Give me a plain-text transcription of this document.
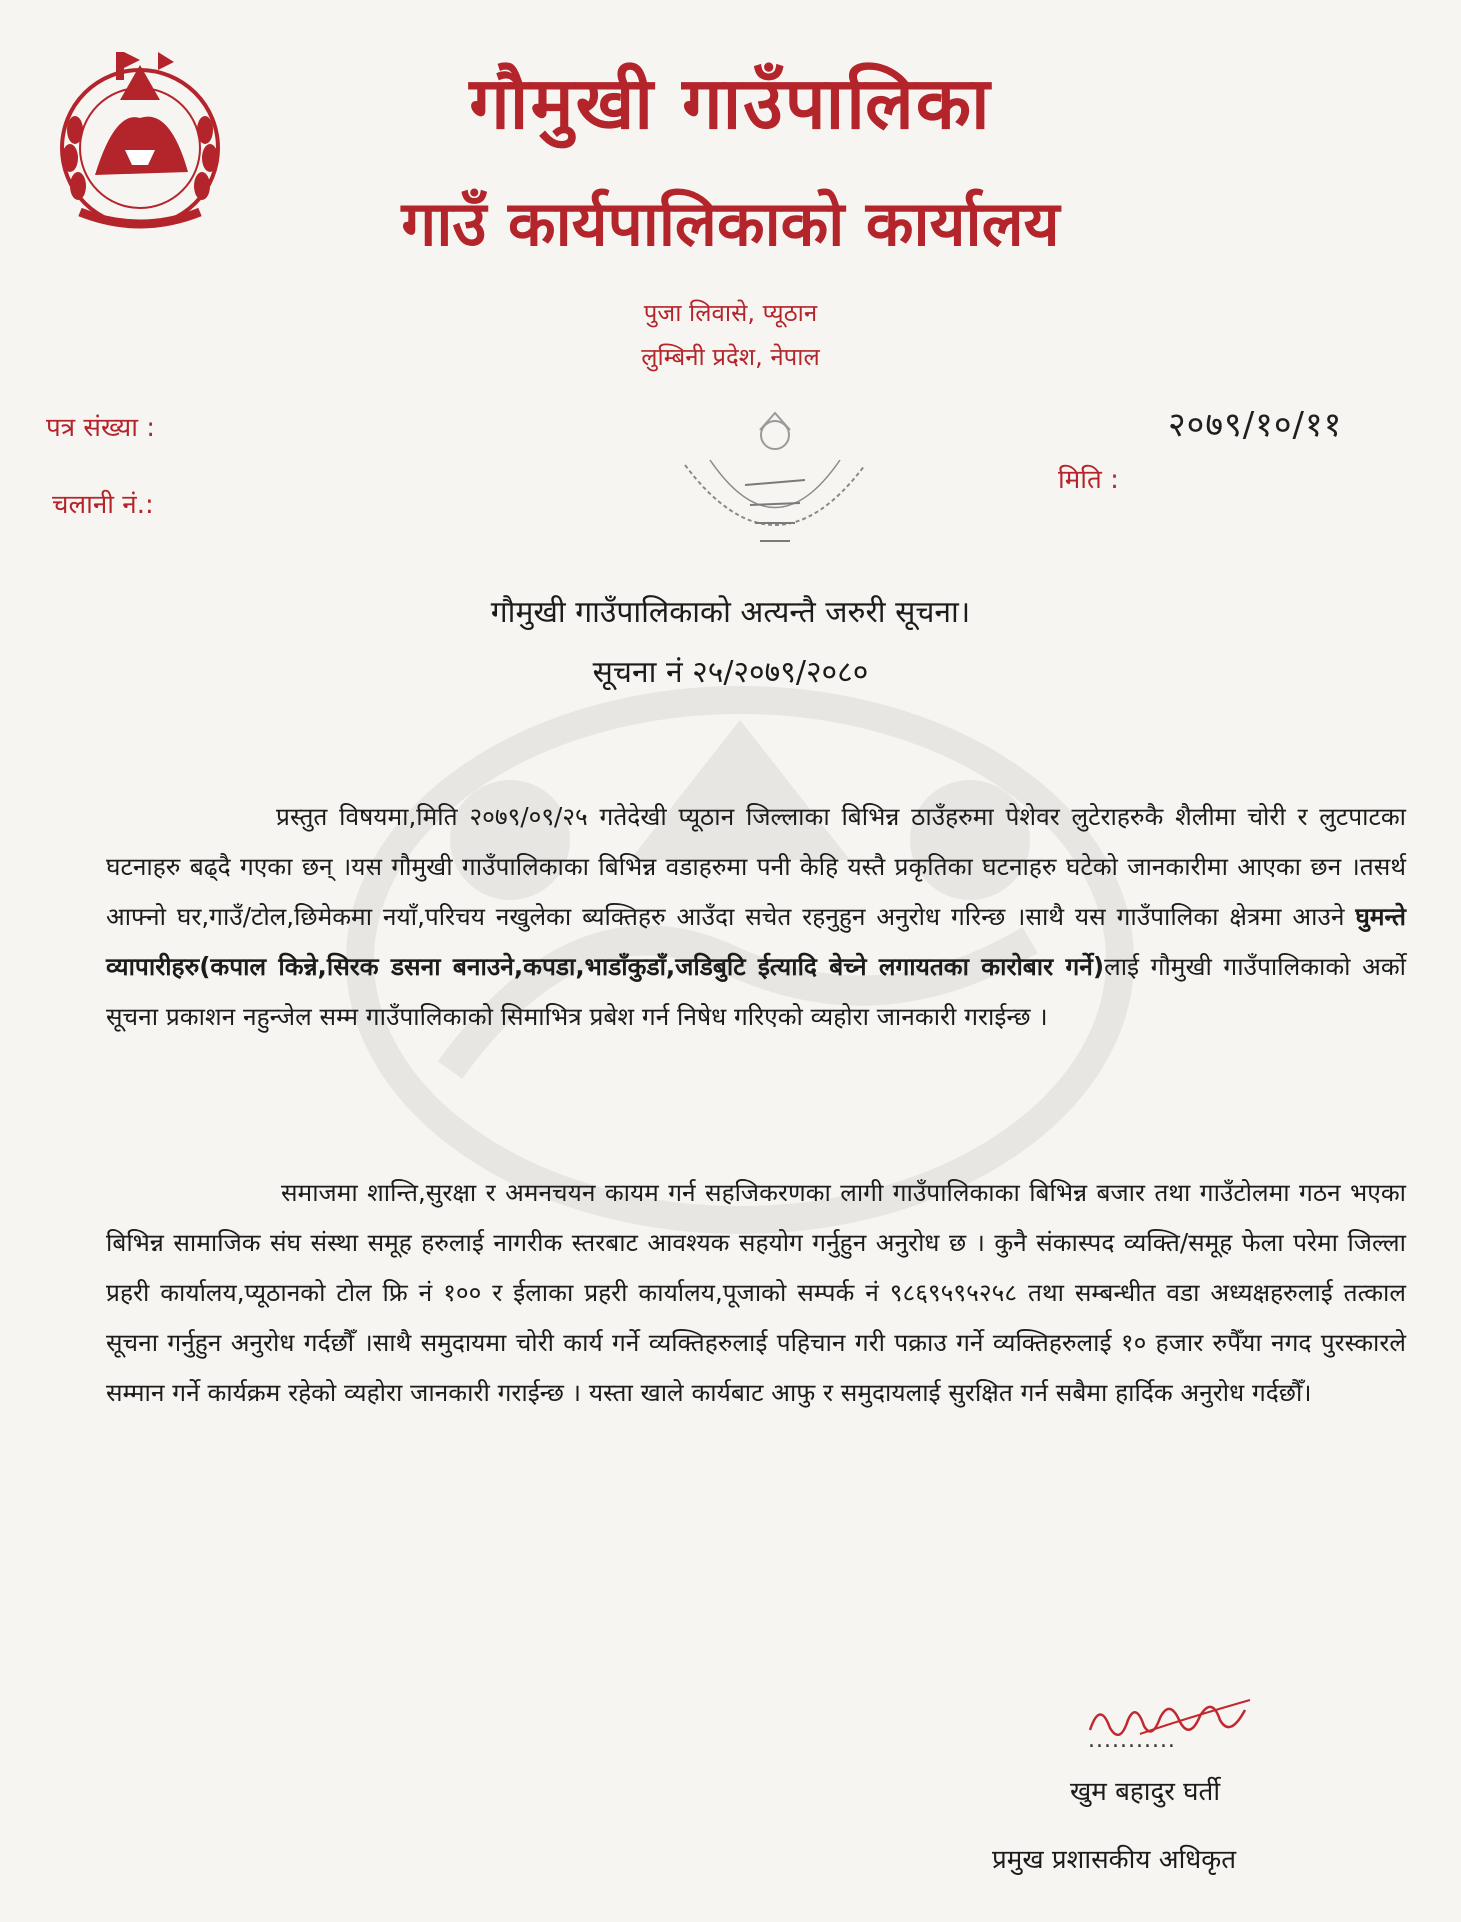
गौमुखी गाउँपालिका
गाउँ कार्यपालिकाको कार्यालय
पुजा लिवासे, प्यूठान
लुम्बिनी प्रदेश, नेपाल
पत्र संख्या :
चलानी नं.:
मिति :
२०७९/१०/११
गौमुखी गाउँपालिकाको अत्यन्तै जरुरी सूचना।
सूचना नं २५/२०७९/२०८०
प्रस्तुत विषयमा,मिति २०७९/०९/२५ गतेदेखी प्यूठान जिल्लाका बिभिन्न ठाउँहरुमा पेशेवर लुटेराहरुकै शैलीमा चोरी र लुटपाटका घटनाहरु बढ्दै गएका छन् ।यस गौमुखी गाउँपालिकाका बिभिन्न वडाहरुमा पनी केहि यस्तै प्रकृतिका घटनाहरु घटेको जानकारीमा आएका छन ।तसर्थ आफ्नो घर,गाउँ/टोल,छिमेकमा नयाँ,परिचय नखुलेका ब्यक्तिहरु आउँदा सचेत रहनुहुन अनुरोध गरिन्छ ।साथै यस गाउँपालिका क्षेत्रमा आउने घुमन्ते व्यापारीहरु(कपाल किन्ने,सिरक डसना बनाउने,कपडा,भाडाँकुडाँ,जडिबुटि ईत्यादि बेच्ने लगायतका कारोबार गर्ने)लाई गौमुखी गाउँपालिकाको अर्को सूचना प्रकाशन नहुन्जेल सम्म गाउँपालिकाको सिमाभित्र प्रबेश गर्न निषेध गरिएको व्यहोरा जानकारी गराईन्छ ।
समाजमा शान्ति,सुरक्षा र अमनचयन कायम गर्न सहजिकरणका लागी गाउँपालिकाका बिभिन्न बजार तथा गाउँटोलमा गठन भएका बिभिन्न सामाजिक संघ संस्था समूह हरुलाई नागरीक स्तरबाट आवश्यक सहयोग गर्नुहुन अनुरोध छ । कुनै संकास्पद व्यक्ति/समूह फेला परेमा जिल्ला प्रहरी कार्यालय,प्यूठानको टोल फ्रि नं १०० र ईलाका प्रहरी कार्यालय,पूजाको सम्पर्क नं ९८६९५९५२५८ तथा सम्बन्धीत वडा अध्यक्षहरुलाई तत्काल सूचना गर्नुहुन अनुरोध गर्दछौँ ।साथै समुदायमा चोरी कार्य गर्ने व्यक्तिहरुलाई पहिचान गरी पक्राउ गर्ने व्यक्तिहरुलाई १० हजार रुपैँया नगद पुरस्कारले सम्मान गर्ने कार्यक्रम रहेको व्यहोरा जानकारी गराईन्छ । यस्ता खाले कार्यबाट आफु र समुदायलाई सुरक्षित गर्न सबैमा हार्दिक अनुरोध गर्दछौँ।
...........
खुम बहादुर घर्ती
प्रमुख प्रशासकीय अधिकृत
